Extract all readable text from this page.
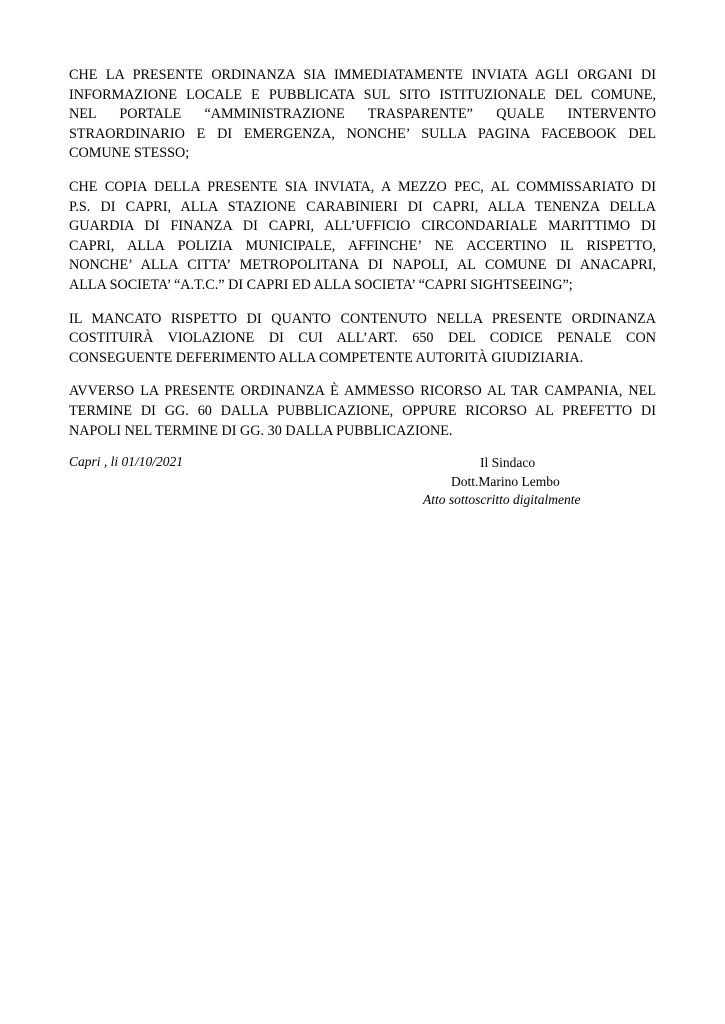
CHE LA PRESENTE ORDINANZA SIA IMMEDIATAMENTE INVIATA AGLI ORGANI DI
INFORMAZIONE LOCALE E PUBBLICATA SUL SITO ISTITUZIONALE DEL COMUNE,
NEL PORTALE “AMMINISTRAZIONE TRASPARENTE” QUALE INTERVENTO
STRAORDINARIO E DI EMERGENZA, NONCHE’ SULLA PAGINA FACEBOOK DEL
COMUNE STESSO;

CHE COPIA DELLA PRESENTE SIA INVIATA, A MEZZO PEC, AL COMMISSARIATO DI
P.S. DI CAPRI, ALLA STAZIONE CARABINIERI DI CAPRI, ALLA TENENZA DELLA
GUARDIA DI FINANZA DI CAPRI, ALL’UFFICIO CIRCONDARIALE MARITTIMO DI
CAPRI, ALLA POLIZIA MUNICIPALE, AFFINCHE’ NE ACCERTINO IL RISPETTO,
NONCHE’ ALLA CITTA’ METROPOLITANA DI NAPOLI, AL COMUNE DI ANACAPRI,
ALLA SOCIETA’ “A.T.C.” DI CAPRI ED ALLA SOCIETA’ “CAPRI SIGHTSEEING”;

IL MANCATO RISPETTO DI QUANTO CONTENUTO NELLA PRESENTE ORDINANZA
COSTITUIRÀ VIOLAZIONE DI CUI ALL’ART. 650 DEL CODICE PENALE CON
CONSEGUENTE DEFERIMENTO ALLA COMPETENTE AUTORITÀ GIUDIZIARIA.

AVVERSO LA PRESENTE ORDINANZA È AMMESSO RICORSO AL TAR CAMPANIA, NEL
TERMINE DI GG. 60 DALLA PUBBLICAZIONE, OPPURE RICORSO AL PREFETTO DI
NAPOLI NEL TERMINE DI GG. 30 DALLA PUBBLICAZIONE.

Capri , li 01/10/2021	Il Sindaco
Dott.Marino Lembo
Atto sottoscritto digitalmente
